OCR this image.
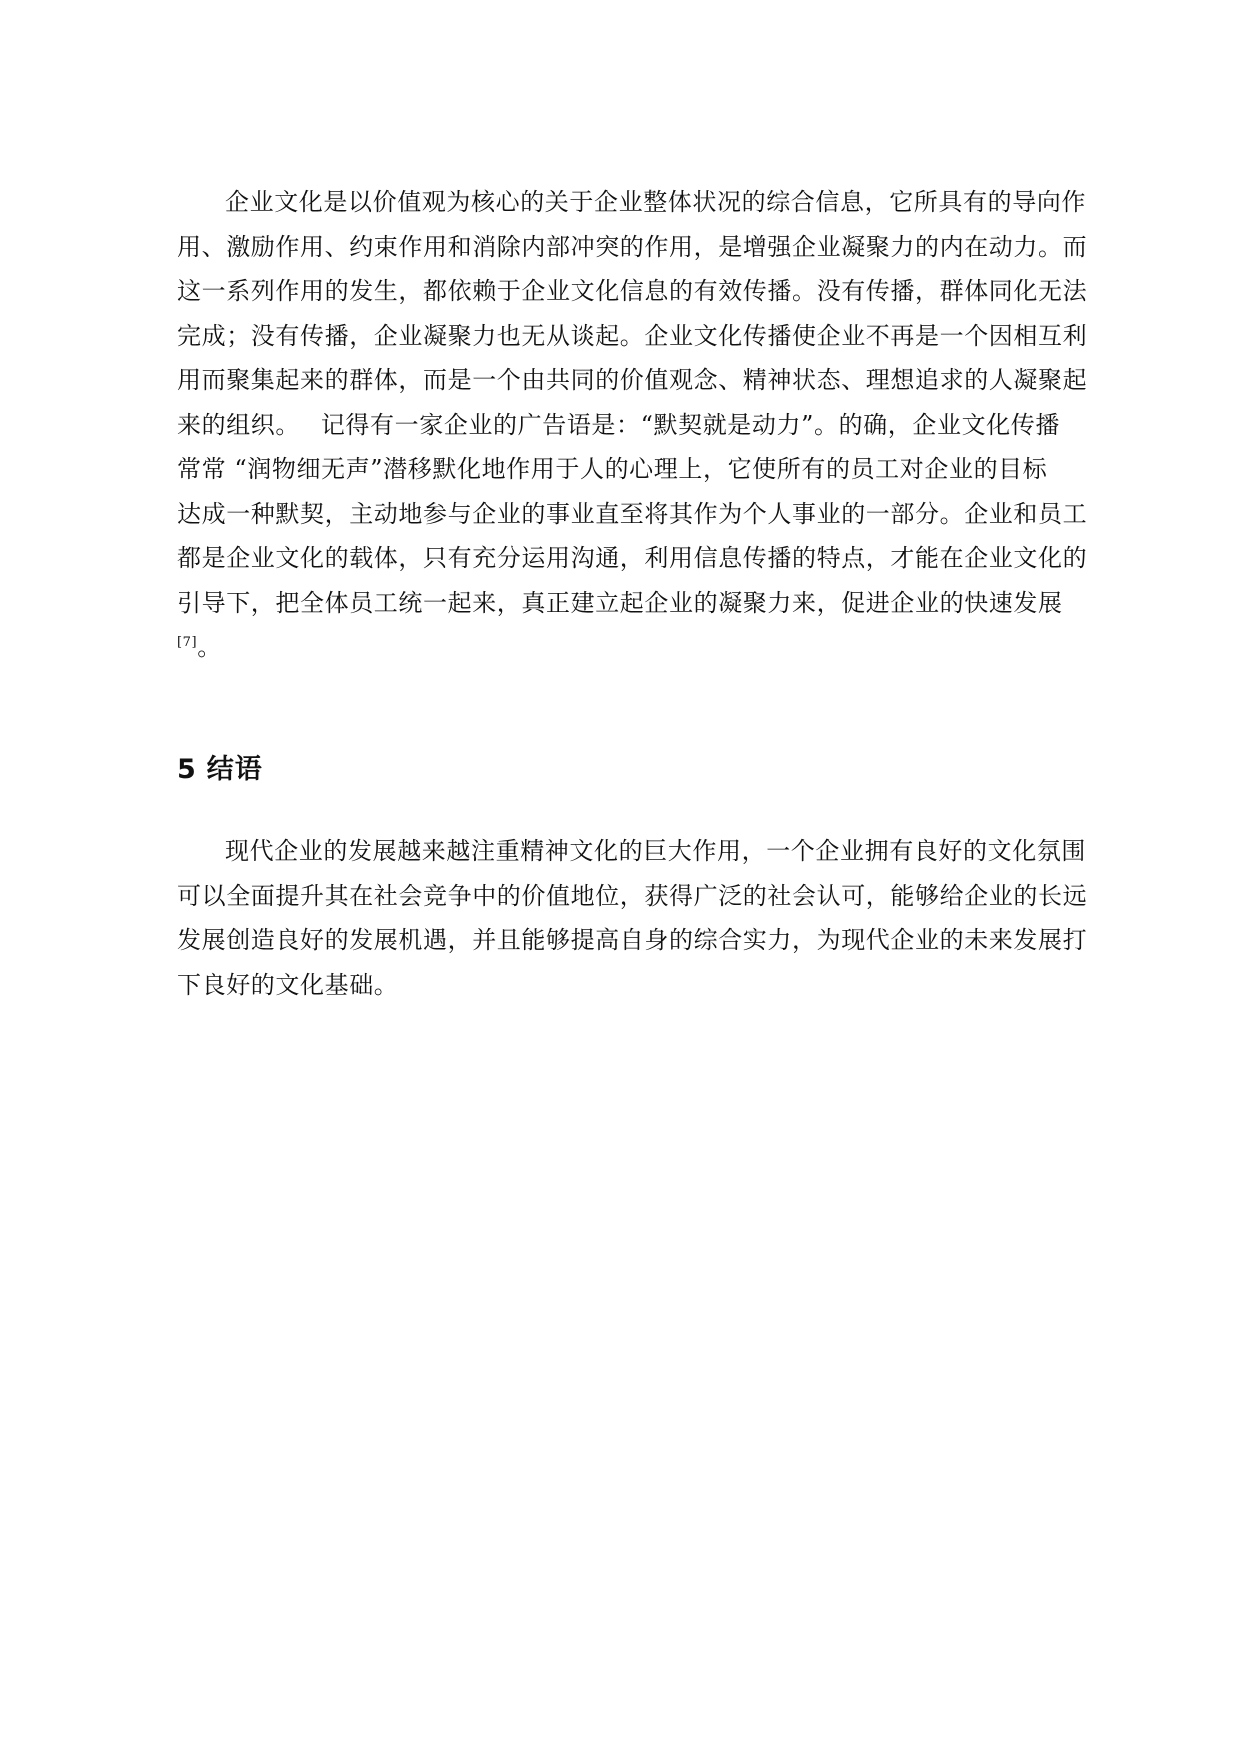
企业文化是以价值观为核心的关于企业整体状况的综合信息，它所具有的导向作
用、激励作用、约束作用和消除内部冲突的作用，是增强企业凝聚力的内在动力。而
这一系列作用的发生，都依赖于企业文化信息的有效传播。没有传播，群体同化无法
完成；没有传播，企业凝聚力也无从谈起。企业文化传播使企业不再是一个因相互利
用而聚集起来的群体，而是一个由共同的价值观念、精神状态、理想追求的人凝聚起
来的组织。　 记得有一家企业的广告语是：“默契就是动力”。的确，企业文化传播
常常 “润物细无声”潜移默化地作用于人的心理上，它使所有的员工对企业的目标
达成一种默契，主动地参与企业的事业直至将其作为个人事业的一部分。企业和员工
都是企业文化的载体，只有充分运用沟通，利用信息传播的特点，才能在企业文化的
引导下，把全体员工统一起来，真正建立起企业的凝聚力来，促进企业的快速发展
[7]。
5 结语
现代企业的发展越来越注重精神文化的巨大作用，一个企业拥有良好的文化氛围
可以全面提升其在社会竞争中的价值地位，获得广泛的社会认可，能够给企业的长远
发展创造良好的发展机遇，并且能够提高自身的综合实力，为现代企业的未来发展打
下良好的文化基础。
